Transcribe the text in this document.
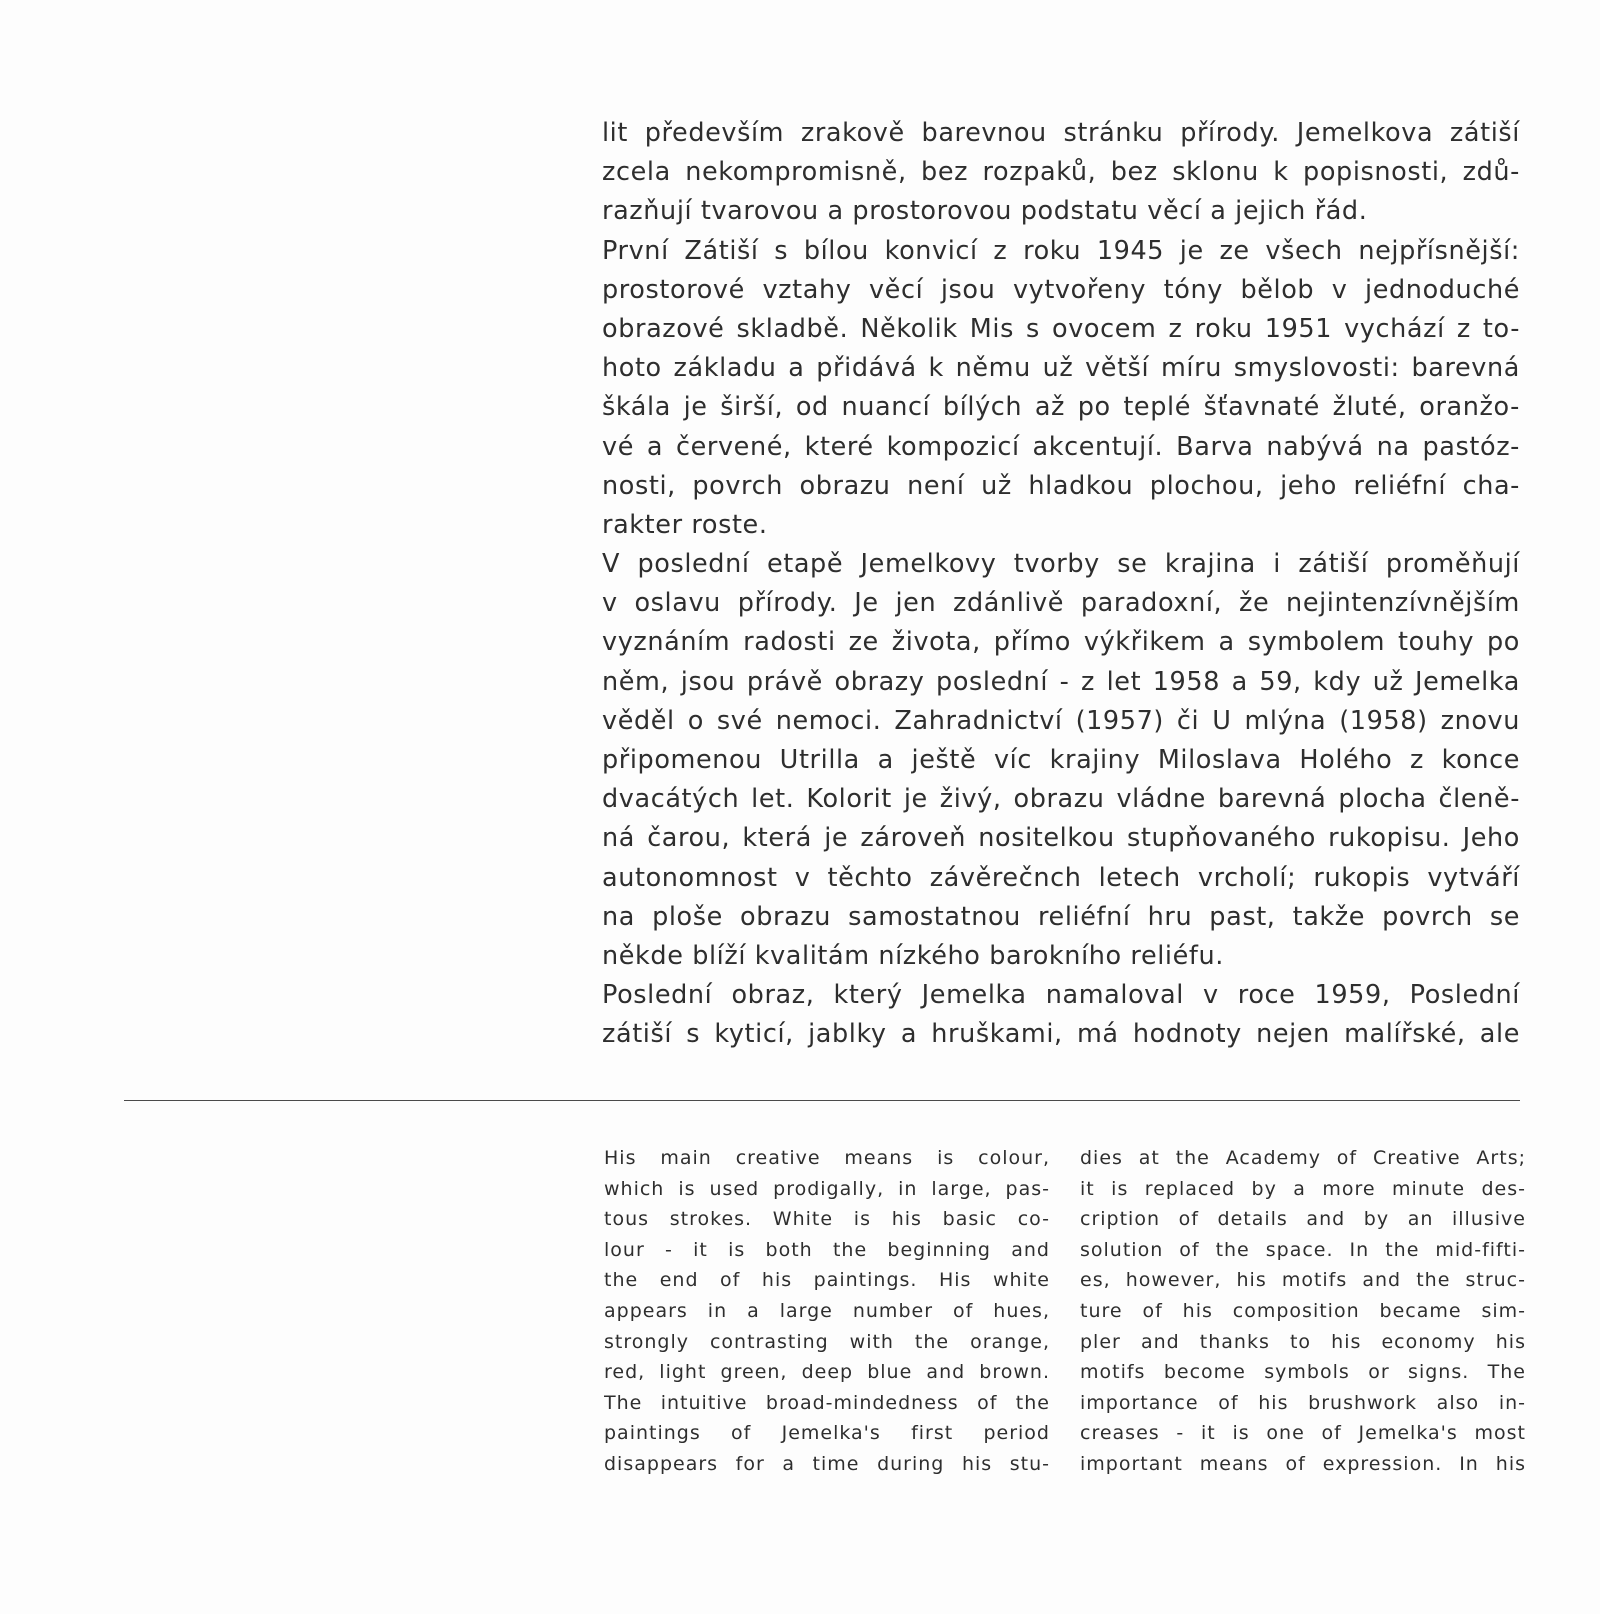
lit především zrakově barevnou stránku přírody. Jemelkova zátiší
zcela nekompromisně, bez rozpaků, bez sklonu k popisnosti, zdů-
razňují tvarovou a prostorovou podstatu věcí a jejich řád.
První Zátiší s bílou konvicí z roku 1945 je ze všech nejpřísnější:
prostorové vztahy věcí jsou vytvořeny tóny bělob v jednoduché
obrazové skladbě. Několik Mis s ovocem z roku 1951 vychází z to-
hoto základu a přidává k němu už větší míru smyslovosti: barevná
škála je širší, od nuancí bílých až po teplé šťavnaté žluté, oranžo-
vé a červené, které kompozicí akcentují. Barva nabývá na pastóz-
nosti, povrch obrazu není už hladkou plochou, jeho reliéfní cha-
rakter roste.
V poslední etapě Jemelkovy tvorby se krajina i zátiší proměňují
v oslavu přírody. Je jen zdánlivě paradoxní, že nejintenzívnějším
vyznáním radosti ze života, přímo výkřikem a symbolem touhy po
něm, jsou právě obrazy poslední - z let 1958 a 59, kdy už Jemelka
věděl o své nemoci. Zahradnictví (1957) či U mlýna (1958) znovu
připomenou Utrilla a ještě víc krajiny Miloslava Holého z konce
dvacátých let. Kolorit je živý, obrazu vládne barevná plocha členě-
ná čarou, která je zároveň nositelkou stupňovaného rukopisu. Jeho
autonomnost v těchto závěrečnch letech vrcholí; rukopis vytváří
na ploše obrazu samostatnou reliéfní hru past, takže povrch se
někde blíží kvalitám nízkého barokního reliéfu.
Poslední obraz, který Jemelka namaloval v roce 1959, Poslední
zátiší s kyticí, jablky a hruškami, má hodnoty nejen malířské, ale
His main creative means is colour,
which is used prodigally, in large, pas-
tous strokes. White is his basic co-
lour - it is both the beginning and
the end of his paintings. His white
appears in a large number of hues,
strongly contrasting with the orange,
red, light green, deep blue and brown.
The intuitive broad-mindedness of the
paintings of Jemelka's first period
disappears for a time during his stu-
dies at the Academy of Creative Arts;
it is replaced by a more minute des-
cription of details and by an illusive
solution of the space. In the mid-fifti-
es, however, his motifs and the struc-
ture of his composition became sim-
pler and thanks to his economy his
motifs become symbols or signs. The
importance of his brushwork also in-
creases - it is one of Jemelka's most
important means of expression. In his
